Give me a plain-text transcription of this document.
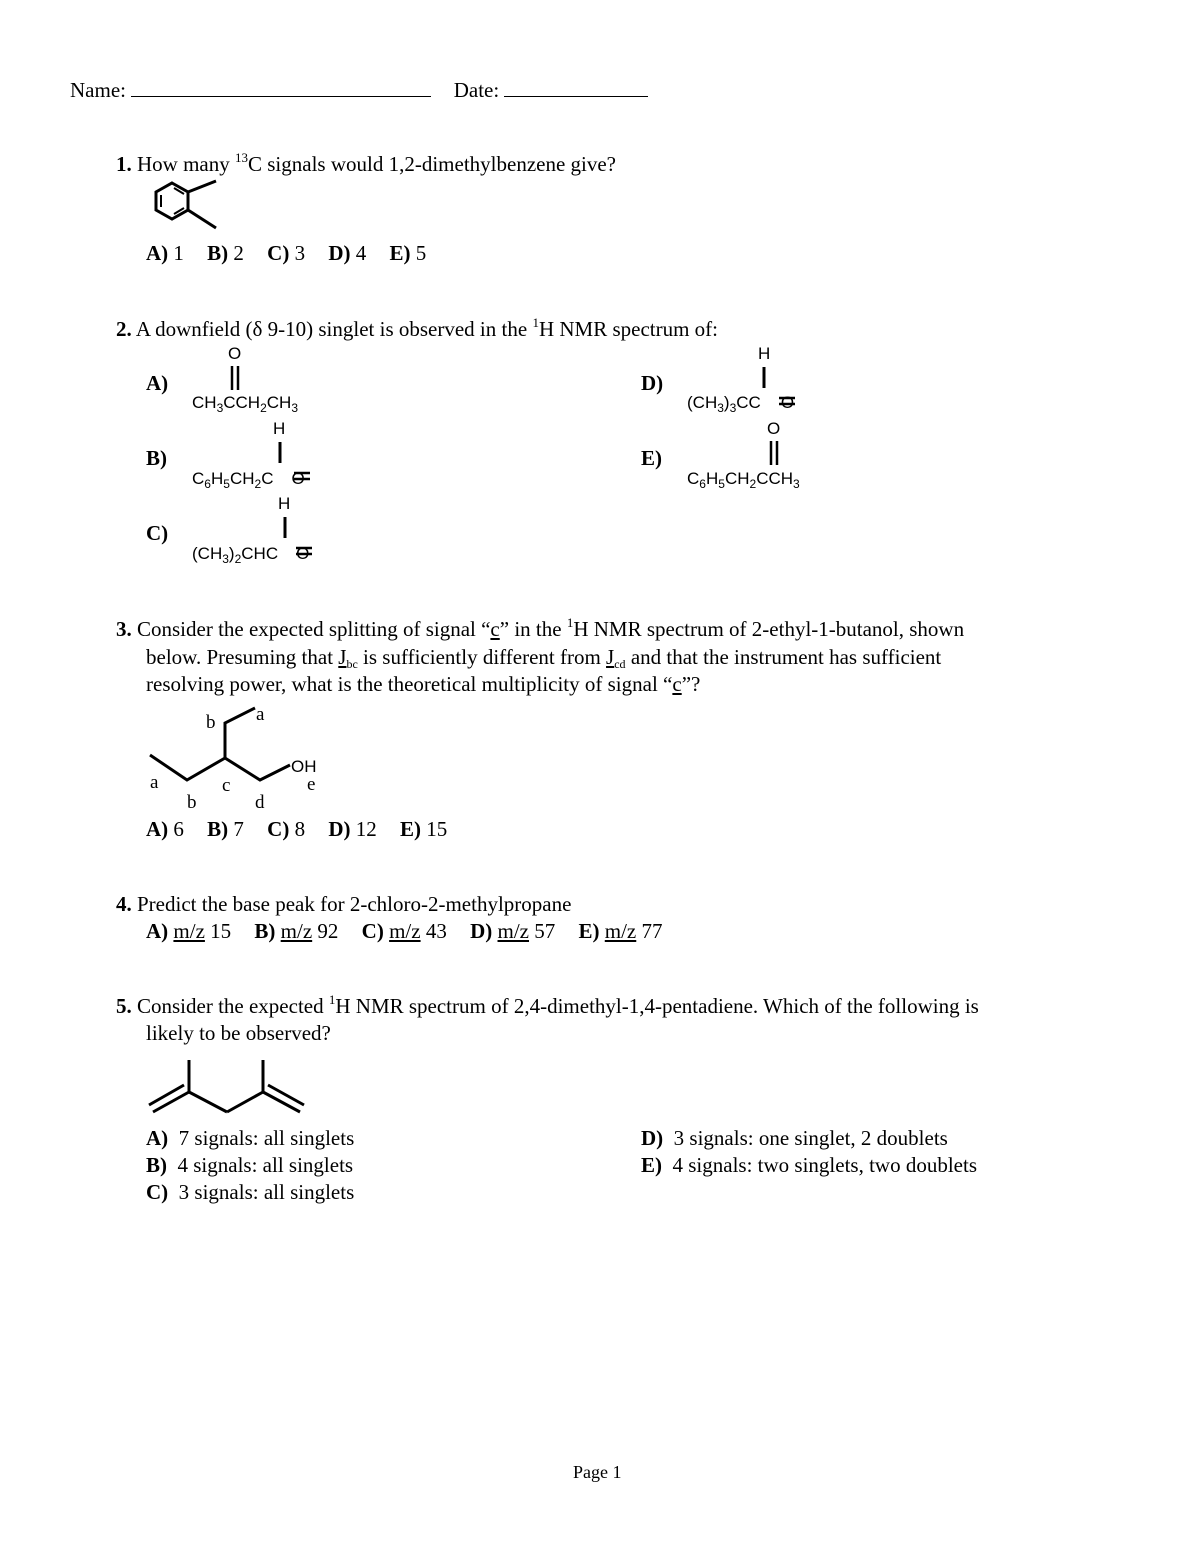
Name:	Date:
1. How many $^{13}$C signals would 1,2-dimethylbenzene give?
A) 1 B) 2 C) 3 D) 4 E) 5
2. A downfield (δ 9-10) singlet is observed in the $^1$H NMR spectrum of:
A)
O
$CH_3CCH_2CH_3$
B)
H
$C_6H_5CH_2C$ O
C)
H
$(CH_3)_2CHC$ O
D)
H
$(CH_3)_3CC$ O
E)
O
$C_6H_5CH_2CCH_3$
3. Consider the expected splitting of signal “c” in the $^1$H NMR spectrum of 2-ethyl-1-butanol, shown
below. Presuming that $J_{bc}$ is sufficiently different from $J_{cd}$ and that the instrument has sufficient
resolving power, what is the theoretical multiplicity of signal “c”?
b a
a	c
b	d
OH
e
A) 6 B) 7 C) 8 D) 12 E) 15
4. Predict the base peak for 2-chloro-2-methylpropane
A) m/z 15 B) m/z 92 C) m/z 43 D) m/z 57 E) m/z 77
5. Consider the expected $^1$H NMR spectrum of 2,4-dimethyl-1,4-pentadiene. Which of the following is
likely to be observed?
A) 7 signals: all singlets
B) 4 signals: all singlets
C) 3 signals: all singlets
D) 3 signals: one singlet, 2 doublets
E) 4 signals: two singlets, two doublets
Page 1
